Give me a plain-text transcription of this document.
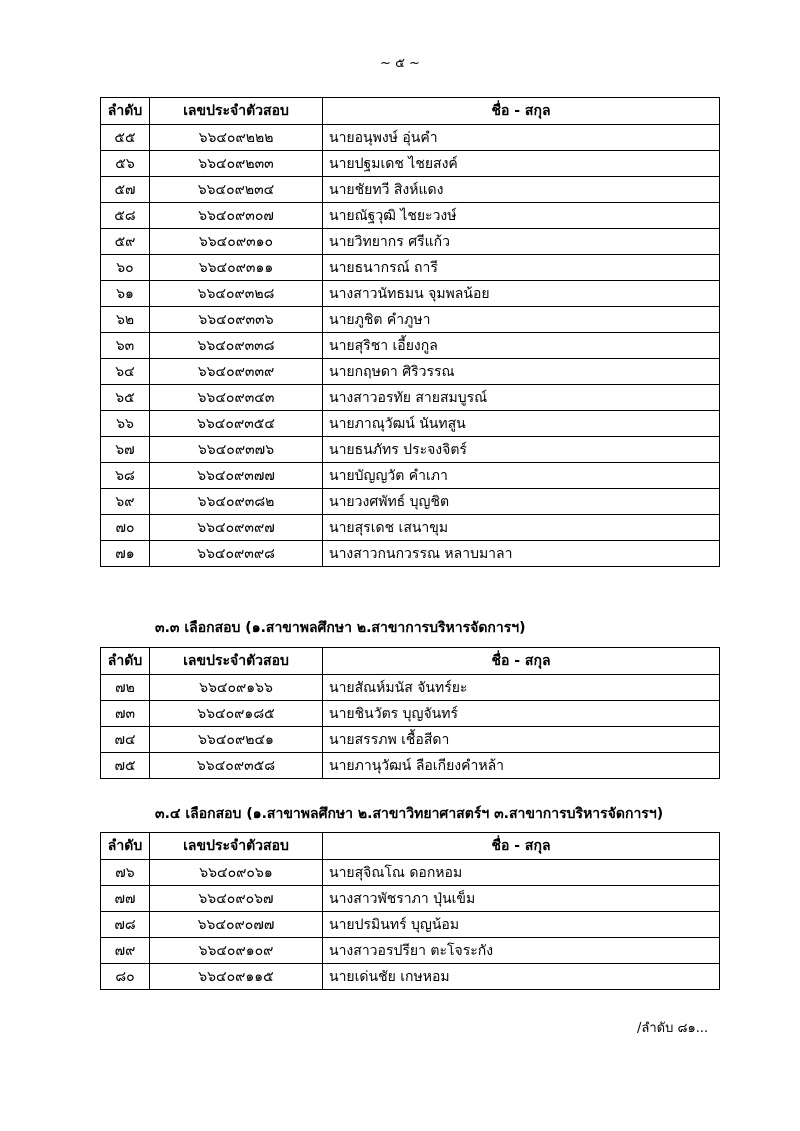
~ ๕ ~
ลำดับ	เลขประจำตัวสอบ	ชื่อ - สกุล
๕๕	๖๖๔๐๙๒๒๒	นายอนุพงษ์ อุ่นคำ
๕๖	๖๖๔๐๙๒๓๓	นายปฐมเดช ไชยสงค์
๕๗	๖๖๔๐๙๒๓๔	นายชัยทวี สิงห์แดง
๕๘	๖๖๔๐๙๓๐๗	นายณัฐวุฒิ ไชยะวงษ์
๕๙	๖๖๔๐๙๓๑๐	นายวิทยากร ศรีแก้ว
๖๐	๖๖๔๐๙๓๑๑	นายธนากรณ์ ถารี
๖๑	๖๖๔๐๙๓๒๘	นางสาวนัทธมน จุมพลน้อย
๖๒	๖๖๔๐๙๓๓๖	นายภูชิต คำภูษา
๖๓	๖๖๔๐๙๓๓๘	นายสุริชา เอี้ยงกูล
๖๔	๖๖๔๐๙๓๓๙	นายกฤษดา ศิริวรรณ
๖๕	๖๖๔๐๙๓๔๓	นางสาวอรทัย สายสมบูรณ์
๖๖	๖๖๔๐๙๓๕๔	นายภาณุวัฒน์ นันทสูน
๖๗	๖๖๔๐๙๓๗๖	นายธนภัทร ประจงจิตร์
๖๘	๖๖๔๐๙๓๗๗	นายบัญญวัต คำเภา
๖๙	๖๖๔๐๙๓๘๒	นายวงศพัทธ์ บุญชิต
๗๐	๖๖๔๐๙๓๙๗	นายสุรเดช เสนาขุม
๗๑	๖๖๔๐๙๓๙๘	นางสาวกนกวรรณ หลาบมาลา
๓.๓ เลือกสอบ (๑.สาขาพลศึกษา ๒.สาขาการบริหารจัดการฯ)
ลำดับ	เลขประจำตัวสอบ	ชื่อ - สกุล
๗๒	๖๖๔๐๙๑๖๖	นายสัณห์มนัส จันทร์ยะ
๗๓	๖๖๔๐๙๑๘๕	นายชินวัตร บุญจันทร์
๗๔	๖๖๔๐๙๒๔๑	นายสรรภพ เชื้อสีดา
๗๕	๖๖๔๐๙๓๕๘	นายภานุวัฒน์ ลือเกียงคำหล้า
๓.๔ เลือกสอบ (๑.สาขาพลศึกษา ๒.สาขาวิทยาศาสตร์ฯ ๓.สาขาการบริหารจัดการฯ)
ลำดับ	เลขประจำตัวสอบ	ชื่อ - สกุล
๗๖	๖๖๔๐๙๐๖๑	นายสุจิณโณ ดอกหอม
๗๗	๖๖๔๐๙๐๖๗	นางสาวพัชราภา ปุ่นเข็ม
๗๘	๖๖๔๐๙๐๗๗	นายปรมินทร์ บุญน้อม
๗๙	๖๖๔๐๙๑๐๙	นางสาวอรปรียา ตะโจระกัง
๘๐	๖๖๔๐๙๑๑๕	นายเด่นชัย เกษหอม
/ลำดับ ๘๑...
